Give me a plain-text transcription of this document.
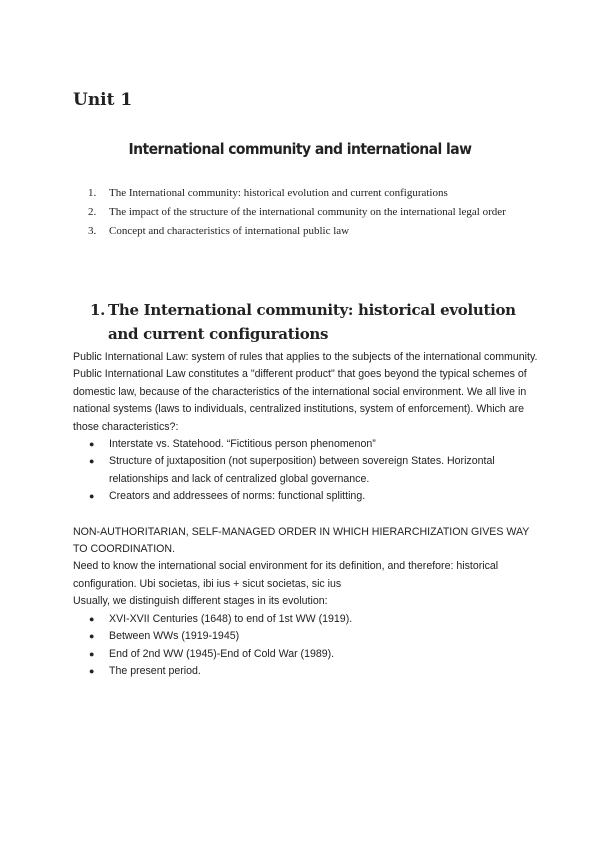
Unit 1
International community and international law
1. The International community: historical evolution and current configurations
2. The impact of the structure of the international community on the international legal order
3. Concept and characteristics of international public law
1. The International community: historical evolution and current configurations

Public International Law: system of rules that applies to the subjects of the international community.

Public International Law constitutes a "different product" that goes beyond the typical schemes of domestic law, because of the characteristics of the international social environment. We all live in national systems (laws to individuals, centralized institutions, system of enforcement). Which are those characteristics?:

● Interstate vs. Statehood. “Fictitious person phenomenon”
● Structure of juxtaposition (not superposition) between sovereign States. Horizontal relationships and lack of centralized global governance.
● Creators and addressees of norms: functional splitting.

NON-AUTHORITARIAN, SELF-MANAGED ORDER IN WHICH HIERARCHIZATION GIVES WAY TO COORDINATION.

Need to know the international social environment for its definition, and therefore: historical configuration. Ubi societas, ibi ius + sicut societas, sic ius

Usually, we distinguish different stages in its evolution:

● XVI-XVII Centuries (1648) to end of 1st WW (1919).
● Between WWs (1919-1945)
● End of 2nd WW (1945)-End of Cold War (1989).
● The present period.
